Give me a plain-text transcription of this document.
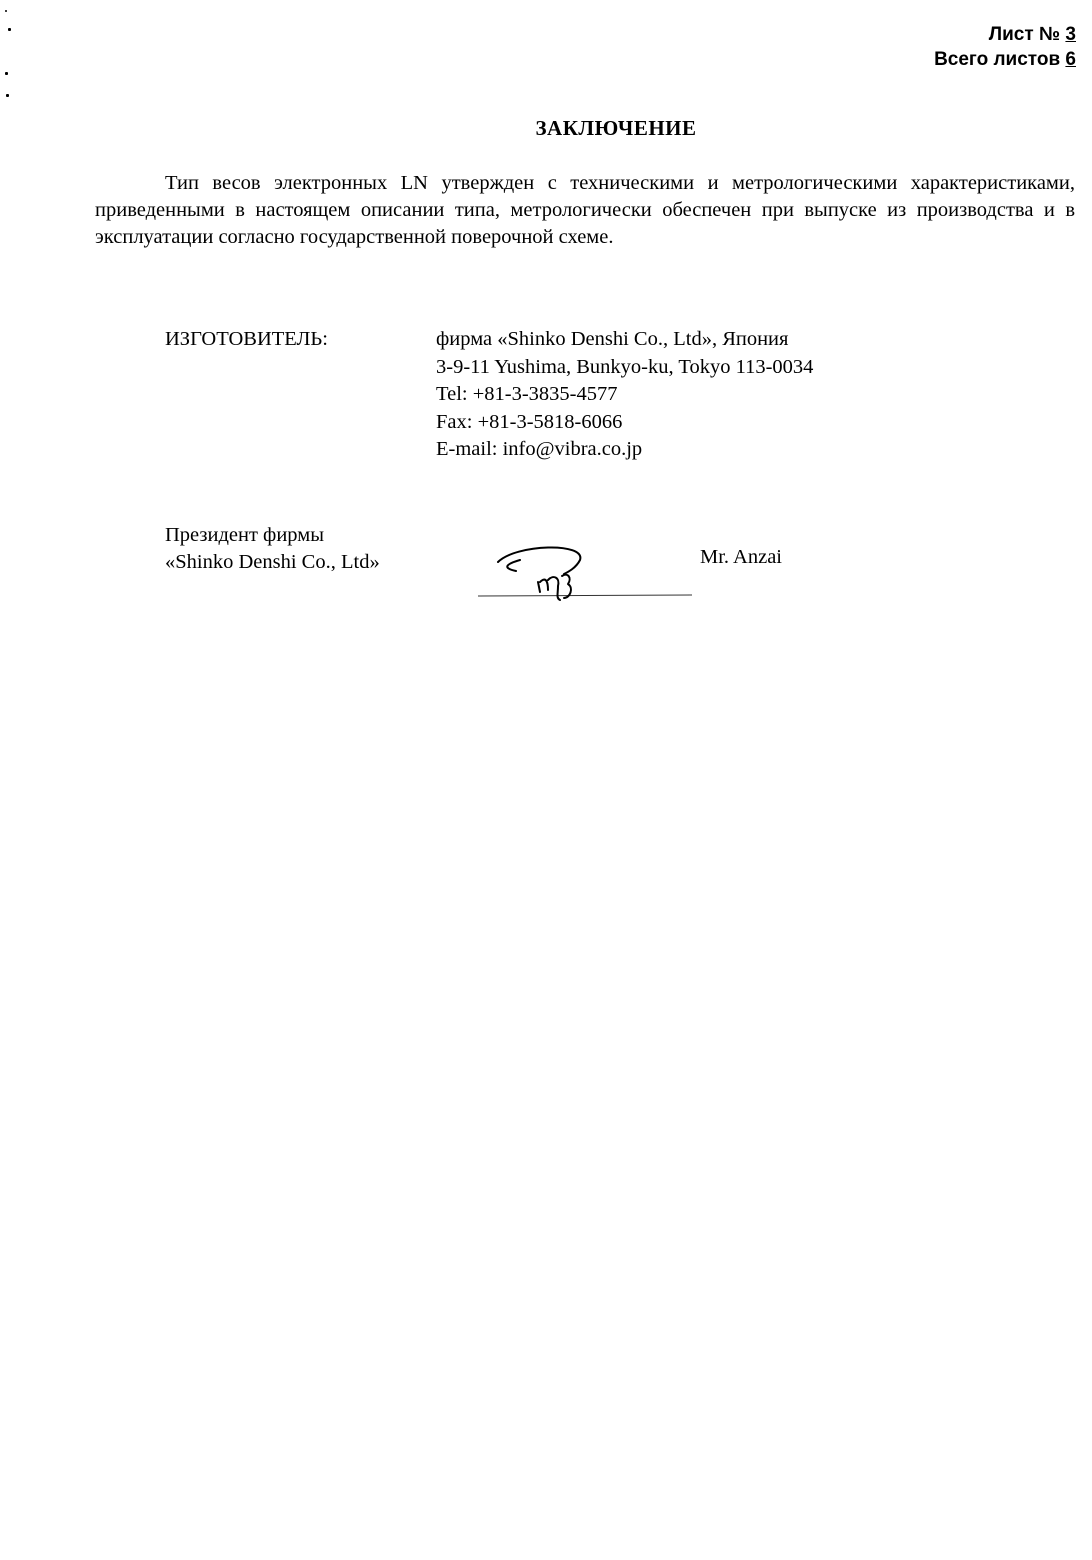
Лист № 3
Всего листов 6
ЗАКЛЮЧЕНИЕ

Тип весов электронных LN утвержден с техническими и метрологическими характеристиками, приведенными в настоящем описании типа, метрологически обеспечен при выпуске из производства и в эксплуатации согласно государственной поверочной схеме.

ИЗГОТОВИТЕЛЬ:	фирма «Shinko Denshi Co., Ltd», Япония
3-9-11 Yushima, Bunkyo-ku, Tokyo 113-0034
Tel: +81-3-3835-4577
Fax: +81-3-5818-6066
E-mail: info@vibra.co.jp
Президент фирмы
«Shinko Denshi Co., Ltd»	Mr. Anzai
